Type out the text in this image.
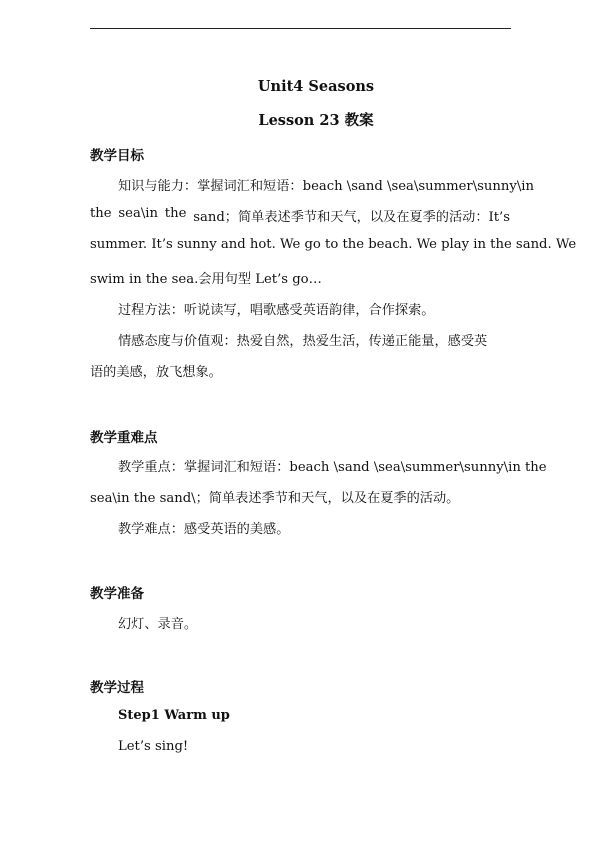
Unit4 Seasons
Lesson 23 教案
教学目标
知识与能力：掌握词汇和短语：beach \sand \sea\summer\sunny\in
the sea\in the sand；简单表述季节和天气，以及在夏季的活动：It’s
summer. It’s sunny and hot. We go to the beach. We play in the sand. We
swim in the sea.会用句型 Let’s go…
过程方法：听说读写，唱歌感受英语韵律，合作探索。
情感态度与价值观：热爱自然，热爱生活，传递正能量，感受英
语的美感，放飞想象。
教学重难点
教学重点：掌握词汇和短语：beach \sand \sea\summer\sunny\in the
sea\in the sand\；简单表述季节和天气，以及在夏季的活动。
教学难点：感受英语的美感。
教学准备
幻灯、录音。
教学过程
Step1 Warm up
Let’s sing!
